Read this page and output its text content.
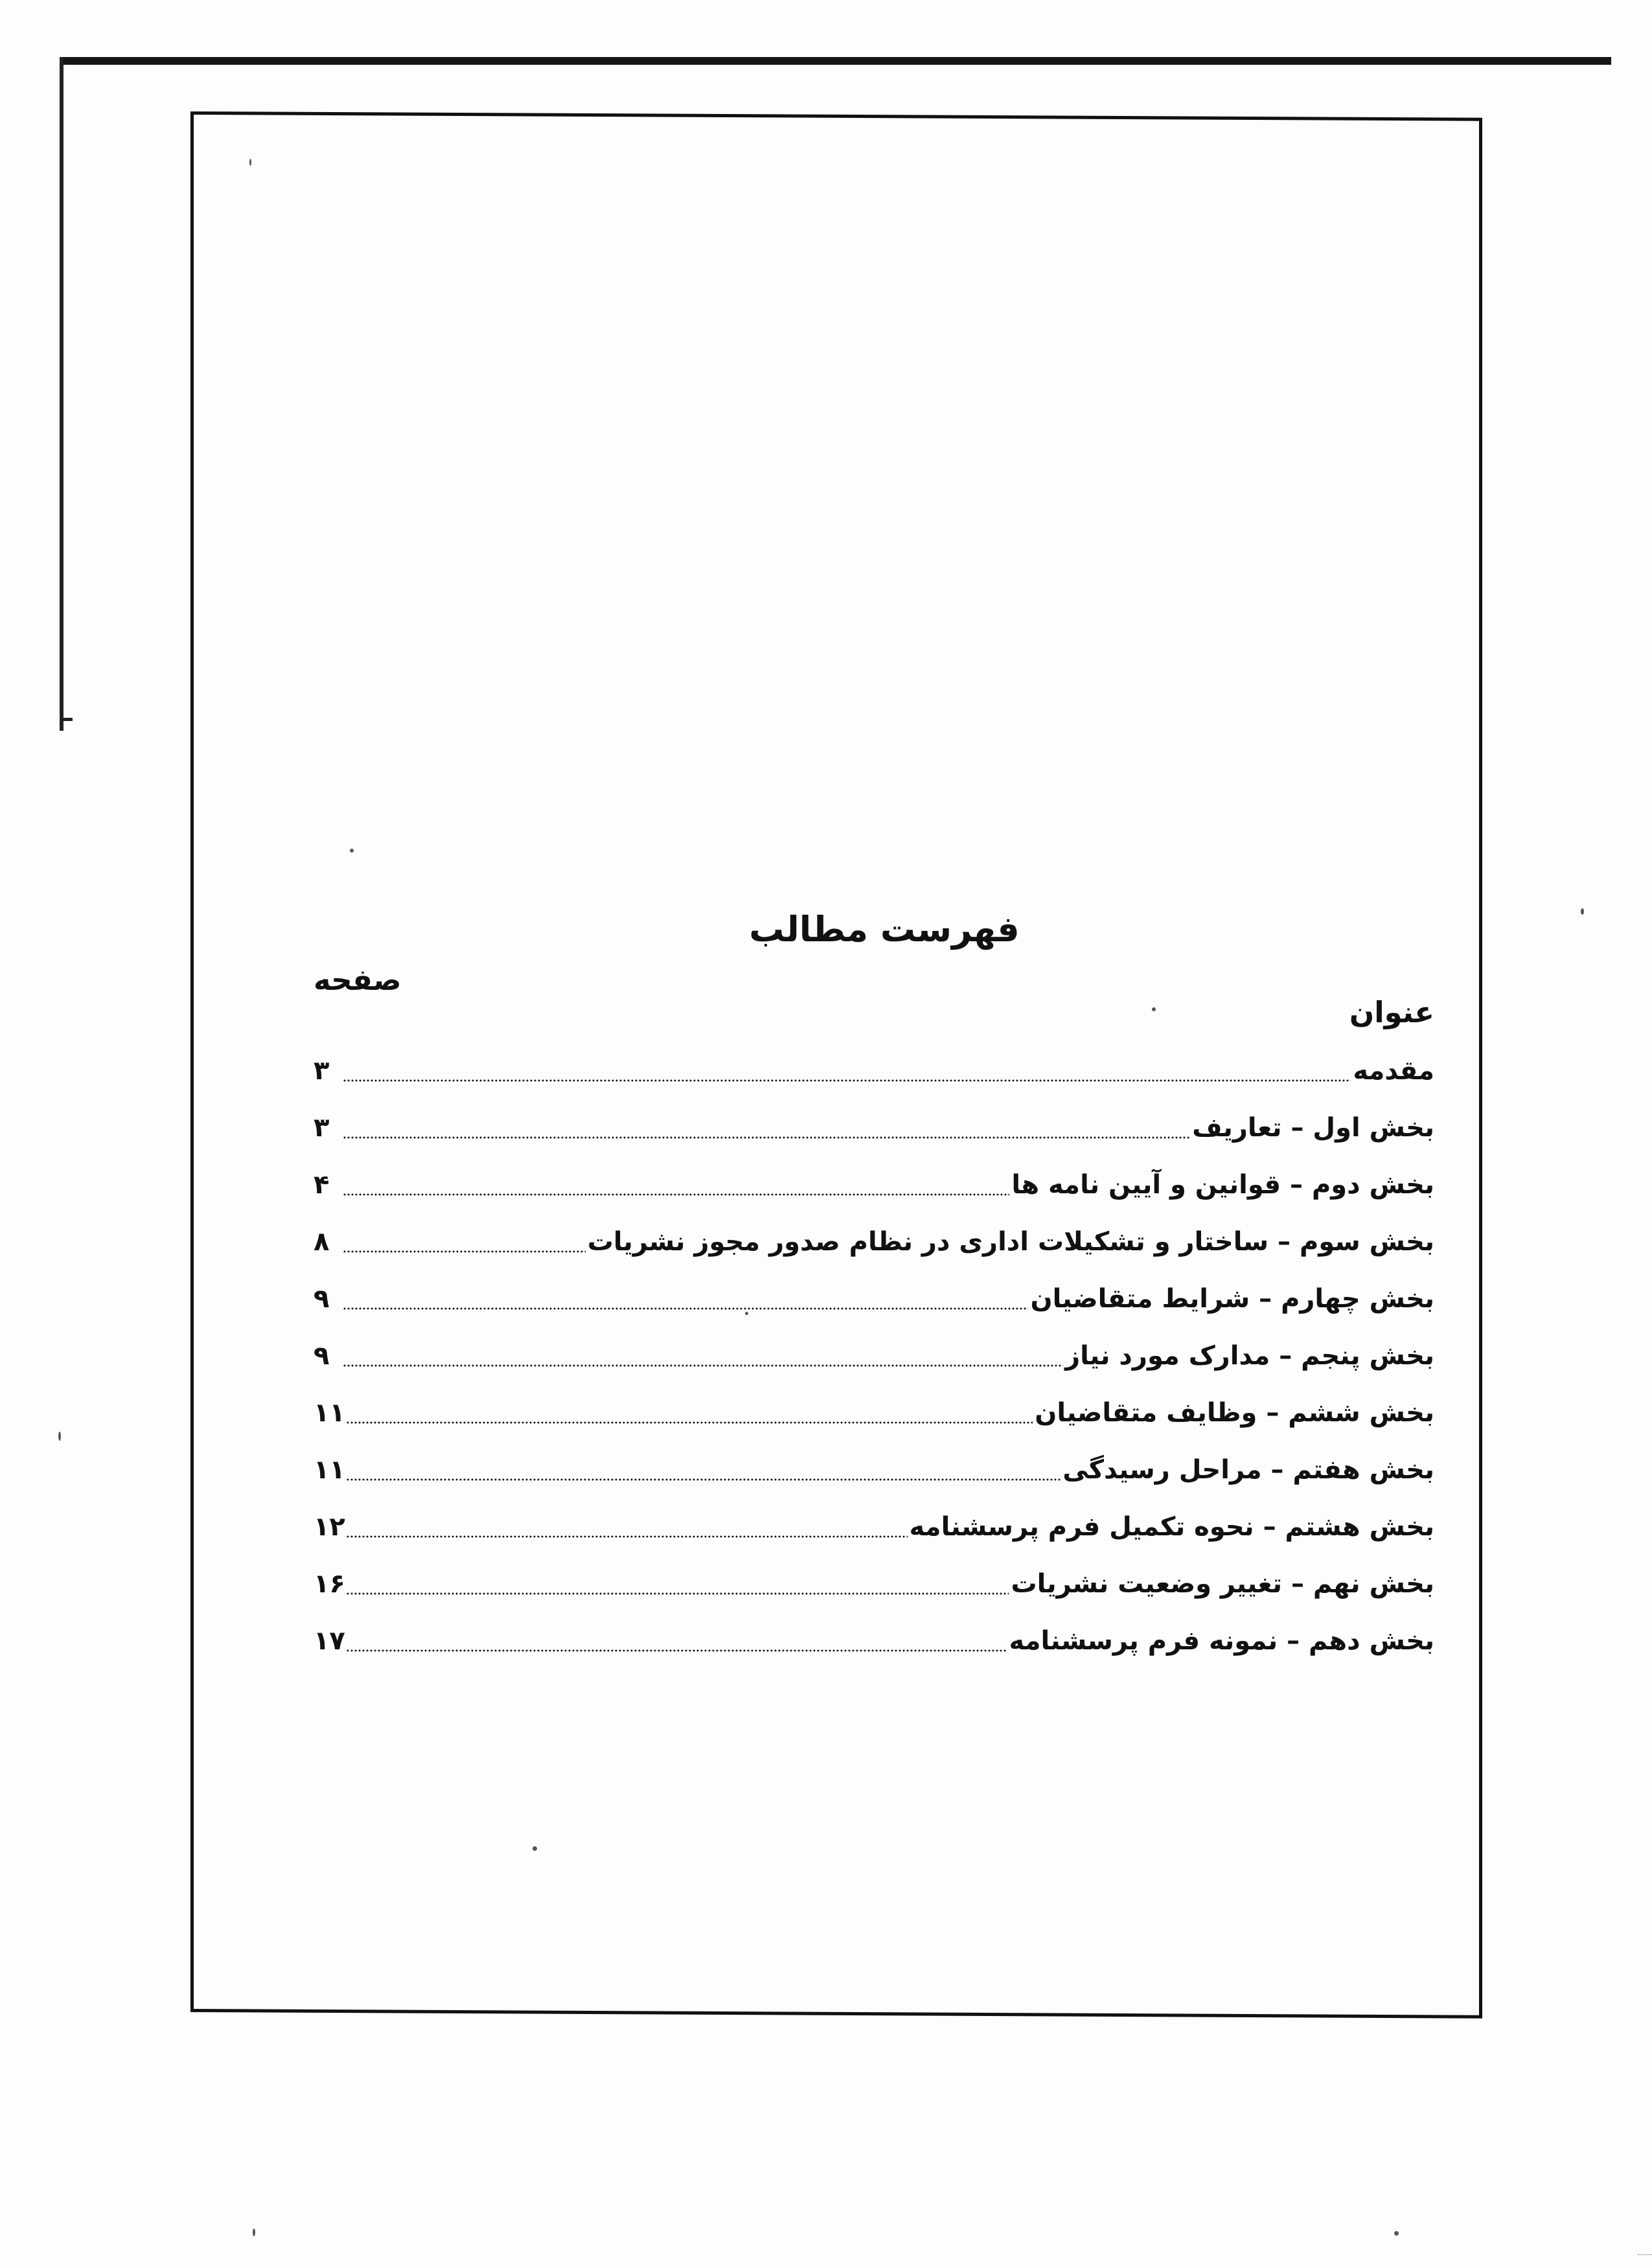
فهرست مطالب
عنوان
صفحه
مقدمه
۳
بخش اول – تعاریف
۳
بخش دوم – قوانین و آیین نامه ها
۴
بخش سوم – ساختار و تشکیلات اداری در نظام صدور مجوز نشریات
۸
بخش چهارم – شرایط متقاضیان
۹
بخش پنجم – مدارک مورد نیاز
۹
بخش ششم – وظایف متقاضیان
۱۱
بخش هفتم – مراحل رسیدگی
۱۱
بخش هشتم – نحوه تکمیل فرم پرسشنامه
۱۲
بخش نهم – تغییر وضعیت نشریات
۱۶
بخش دهم – نمونه فرم پرسشنامه
۱۷
